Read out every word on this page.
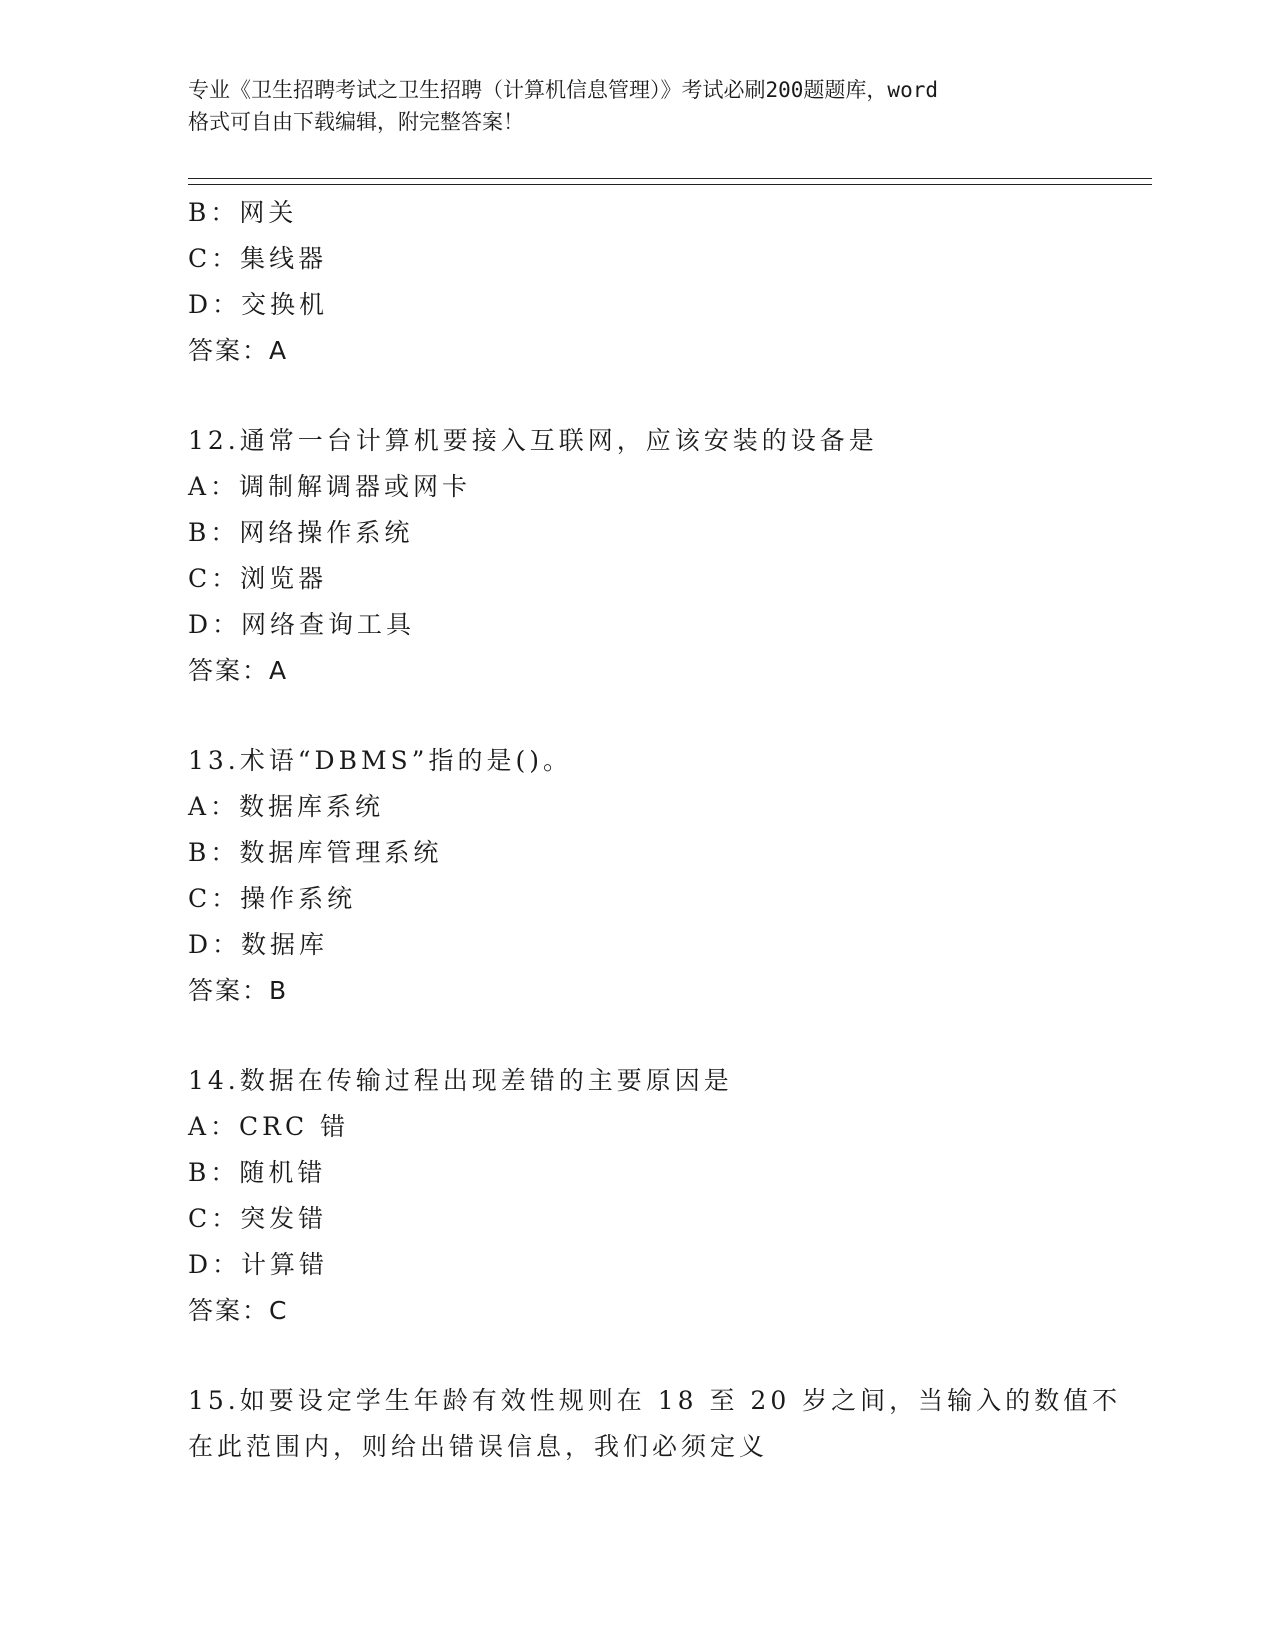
专业《卫生招聘考试之卫生招聘（计算机信息管理）》考试必刷200题题库，word
格式可自由下载编辑，附完整答案！
B：网关
C：集线器
D：交换机
答案：A
12.通常一台计算机要接入互联网，应该安装的设备是
A：调制解调器或网卡
B：网络操作系统
C：浏览器
D：网络查询工具
答案：A
13.术语“DBMS”指的是()。
A：数据库系统
B：数据库管理系统
C：操作系统
D：数据库
答案：B
14.数据在传输过程出现差错的主要原因是
A：CRC 错
B：随机错
C：突发错
D：计算错
答案：C
15.如要设定学生年龄有效性规则在 18 至 20 岁之间，当输入的数值不
在此范围内，则给出错误信息，我们必须定义
